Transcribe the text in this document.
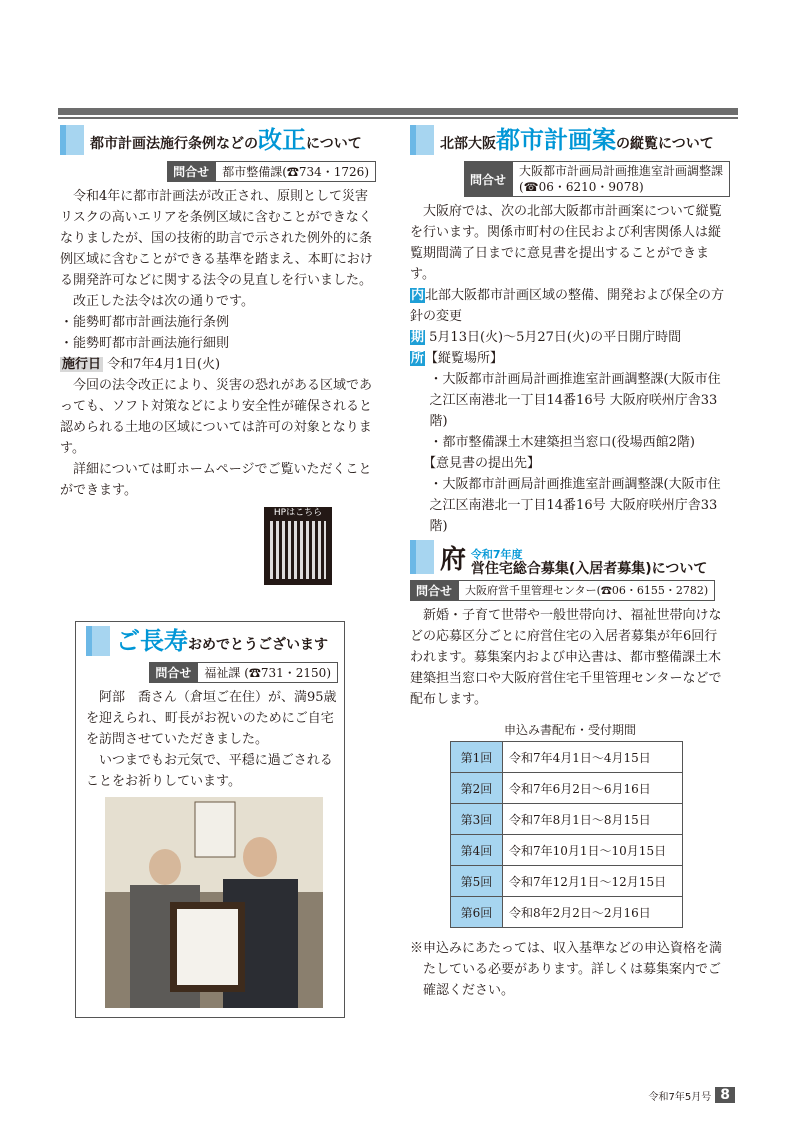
都市計画法施行条例などの改正について
問合せ	都市整備課(☎734・1726)

令和4年に都市計画法が改正され、原則として災害リスクの高いエリアを条例区域に含むことができなくなりましたが、国の技術的助言で示された例外的に条例区域に含むことができる基準を踏まえ、本町における開発許可などに関する法令の見直しを行いました。

改正した法令は次の通りです。

・能勢町都市計画法施行条例

・能勢町都市計画法施行細則

施行日 令和7年4月1日(火)

今回の法令改正により、災害の恐れがある区域であっても、ソフト対策などにより安全性が確保されると認められる土地の区域については許可の対象となります。

詳細については町ホームページでご覧いただくことができます。

HPはこちら
ご長寿おめでとうございます
問合せ	福祉課 (☎731・2150)

阿部　喬さん（倉垣ご在住）が、満95歳を迎えられ、町長がお祝いのためにご自宅を訪問させていただきました。

いつまでもお元気で、平穏に過ごされることをお祈りしています。

北部大阪都市計画案の縦覧について
問合せ
大阪都市計画局計画推進室計画調整課
(☎06・6210・9078)

大阪府では、次の北部大阪都市計画案について縦覧を行います。関係市町村の住民および利害関係人は縦覧期間満了日までに意見書を提出することができます。

内北部大阪都市計画区域の整備、開発および保全の方針の変更

期 5月13日(火)～5月27日(火)の平日開庁時間

所【縦覧場所】

・大阪都市計画局計画推進室計画調整課(大阪市住之江区南港北一丁目14番16号 大阪府咲州庁舎33階)

・都市整備課土木建築担当窓口(役場西館2階)

【意見書の提出先】

・大阪都市計画局計画推進室計画調整課(大阪市住之江区南港北一丁目14番16号 大阪府咲州庁舎33階)

府 令和7年度
営住宅総合募集(入居者募集)について
問合せ	大阪府営千里管理センター(☎06・6155・2782)

新婚・子育て世帯や一般世帯向け、福祉世帯向けなどの応募区分ごとに府営住宅の入居者募集が年6回行われます。募集案内および申込書は、都市整備課土木建築担当窓口や大阪府営住宅千里管理センターなどで配布します。

申込み書配布・受付期間

第1回	令和7年4月1日～4月15日
第2回	令和7年6月2日～6月16日
第3回	令和7年8月1日～8月15日
第4回	令和7年10月1日～10月15日
第5回	令和7年12月1日～12月15日
第6回	令和8年2月2日～2月16日

※申込みにあたっては、収入基準などの申込資格を満たしている必要があります。詳しくは募集案内でご確認ください。

令和7年5月号 8
